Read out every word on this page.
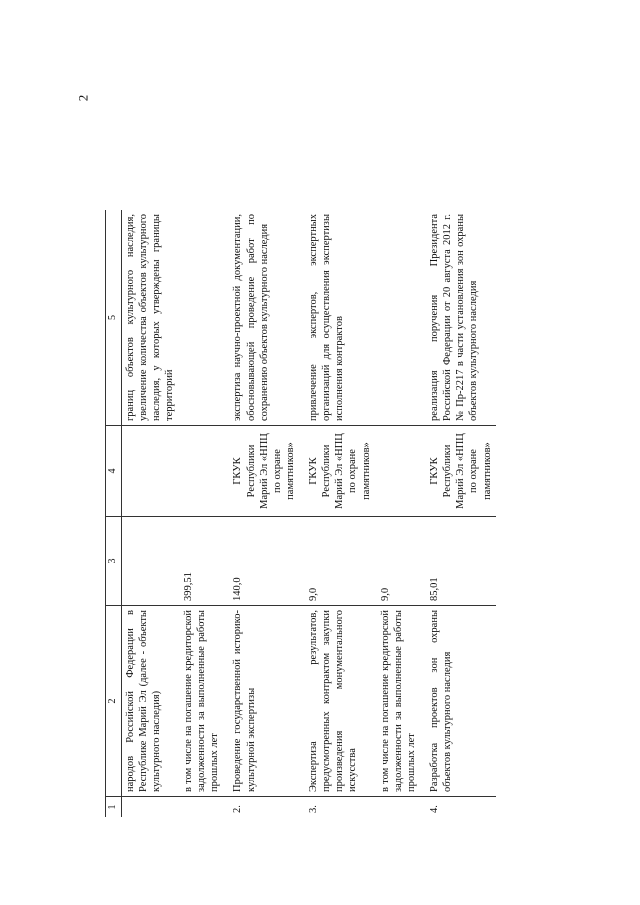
2
1	2	3	4	5
	народов Российской Федерации в Республике Марий Эл (далее - объекты культурного наследия)			границ объектов культурного наследия, увеличение количества объектов культурного наследия, у которых утверждены границы территорий
	в том числе на погашение кредиторской задолженности за выполненные работы прошлых лет	399,51		

2.	Проведение государственной историко-культурной экспертизы	140,0	ГКУК Республики Марий Эл «НПЦ по охране памятников»	экспертиза научно-проектной документации, обосновывающей проведение работ по сохранению объектов культурного наследия

3.	Экспертиза результатов, предусмотренных контрактом закупки произведения монументального искусства	9,0	ГКУК Республики Марий Эл «НПЦ по охране памятников»	привлечение экспертов, экспертных организаций для осуществления экспертизы исполнения контрактов
	в том числе на погашение кредиторской задолженности за выполненные работы прошлых лет	9,0		

4.	Разработка проектов зон охраны объектов культурного наследия	85,01	ГКУК Республики Марий Эл «НПЦ по охране памятников»	реализация поручения Президента Российской Федерации от 20 августа 2012 г. № Пр-2217 в части установления зон охраны объектов культурного наследия
